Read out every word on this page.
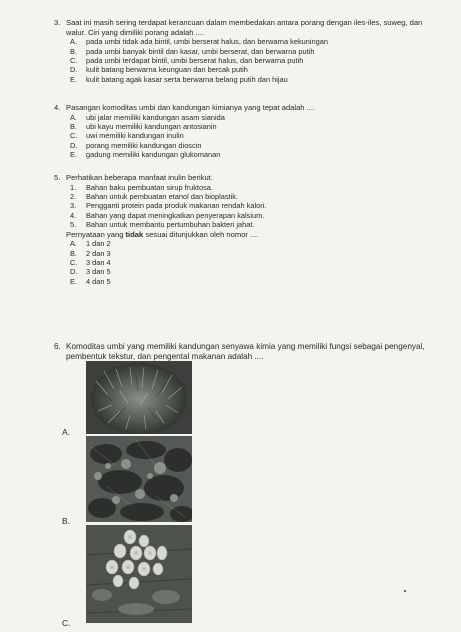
3. Saat ini masih sering terdapat kerancuan dalam membedakan antara porang dengan iles-iles, suweg, dan walur. Ciri yang dimiliki porang adalah ....
A. pada umbi tidak ada bintil, umbi berserat halus, dan berwarna kekuningan
B. pada umbi banyak bintil dan kasar, umbi berserat, dan berwarna putih
C. pada umbi terdapat bintil, umbi berserat halus, dan berwarna putih
D. kulit batang berwarna keunguan dan bercak putih
E. kulit batang agak kasar serta berwarna belang putih dan hijau
4. Pasangan komoditas umbi dan kandungan kimianya yang tepat adalah ....
A. ubi jalar memiliki kandungan asam sianida
B. ubi kayu memiliki kandungan antosianin
C. uwi memiliki kandungan inulin
D. porang memiliki kandungan dioscin
E. gadung memiliki kandungan glukomanan
5. Perhatikan beberapa manfaat inulin berikut.
1. Bahan baku pembuatan sirup fruktosa.
2. Bahan untuk pembuatan etanol dan bioplastik.
3. Pengganti protein pada produk makanan rendah kalori.
4. Bahan yang dapat meningkatkan penyerapan kalsium.
5. Bahan untuk membantu pertumbuhan bakteri jahat.
Pernyataan yang tidak sesuai ditunjukkan oleh nomor ....
A. 1 dan 2
B. 2 dan 3
C. 3 dan 4
D. 3 dan 5
E. 4 dan 5
6. Komoditas umbi yang memiliki kandungan senyawa kimia yang memiliki fungsi sebagai pengenyal, pembentuk tekstur, dan pengental makanan adalah ....
A.
B.
C.
